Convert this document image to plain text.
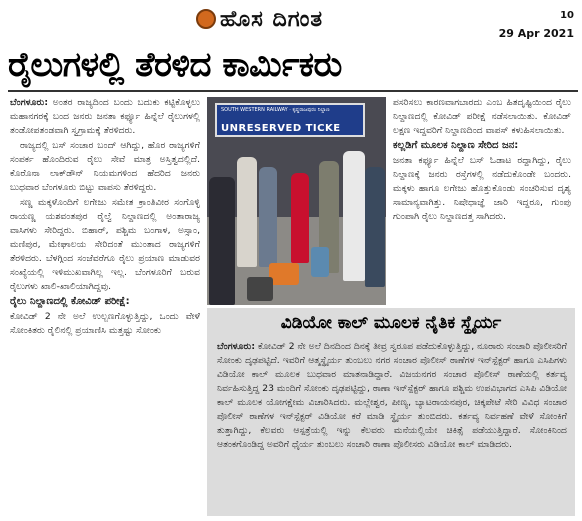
ಹೊಸ ದಿಗಂತ	10
29 Apr 2021
ರೈಲುಗಳಲ್ಲಿ ತೆರಳಿದ ಕಾರ್ಮಿಕರು

ಬೆಂಗಳೂರು: ಅಂತರ ರಾಜ್ಯದಿಂದ ಬಂದು ಬದುಕು ಕಟ್ಟಿಕೊಳ್ಳಲು ಮಹಾನಗರಕ್ಕೆ ಬಂದ ಜನರು ಜನತಾ ಕರ್ಫ್ಯೂ ಹಿನ್ನೆಲೆ ರೈಲುಗಳಲ್ಲಿ ತಂಡೋಪತಂಡವಾಗಿ ಸ್ವಗ್ರಾಮಕ್ಕೆ ತೆರಳಿದರು.

ರಾಜ್ಯದಲ್ಲಿ ಬಸ್ ಸಂಚಾರ ಬಂದ್ ಆಗಿದ್ದು, ಹೊರ ರಾಜ್ಯಗಳಿಗೆ ಸಂಪರ್ಕ ಹೊಂದಿರುವ ರೈಲು ಸೇವೆ ಮಾತ್ರ ಅಸ್ತಿತ್ವದಲ್ಲಿದೆ. ಕೊರೊನಾ ಲಾಕ್‌ಡೌನ್ ನಿಯಮಗಳಿಂದ ಹೆದರಿದ ಜನರು ಬುಧವಾರ ಬೆಂಗಳೂರು ಬಿಟ್ಟು ವಾಪಸು ತೆರಳಿದ್ದರು.

ಸಣ್ಣ ಮಕ್ಕಳೊಂದಿಗೆ ಲಗೇಜು ಸಮೇತ ಕ್ರಾಂತಿವೀರ ಸಂಗೊಳ್ಳಿ ರಾಯಣ್ಣ ಯಶವಂತಪುರ ರೈಲ್ವೆ ನಿಲ್ದಾಣದಲ್ಲಿ ಅಂತಾರಾಜ್ಯ ವಾಸಿಗಳು ಸೇರಿದ್ದರು. ಬಿಹಾರ್, ಪಶ್ಚಿಮ ಬಂಗಾಳ, ಅಸ್ಸಾಂ, ಮಣಿಪುರ, ಮೇಘಾಲಯ ಸೇರಿದಂತೆ ಮುಂತಾದ ರಾಜ್ಯಗಳಿಗೆ ತೆರಳಿದರು. ಬೆಳಗ್ಗಿಂದ ಸಂಜೆವರೆಗೂ ರೈಲು ಪ್ರಯಾಣ ಮಾಡುವರ ಸಂಖ್ಯೆಯಲ್ಲಿ ಇಳಿಮುಖವಾಗಿಲ್ಲ ಇಲ್ಲ. ಬೆಂಗಳೂರಿಗೆ ಬರುವ ರೈಲುಗಳು ಖಾಲಿ-ಖಾಲಿಯಾಗಿದ್ದವು.

ರೈಲು ನಿಲ್ದಾಣದಲ್ಲಿ ಕೋವಿಡ್ ಪರೀಕ್ಷೆ:

ಕೋವಿಡ್ 2 ನೇ ಅಲೆ ಉಲ್ಬಣಗೊಳ್ಳುತ್ತಿದ್ದು, ಒಂದು ವೇಳೆ ಸೋಂಕಿತರು ರೈಲಿನಲ್ಲಿ ಪ್ರಯಾಣಿಸಿ ಮತ್ತಷ್ಟು ಸೋಂಕು

SOUTH WESTERN RAILWAY · ಕೃಷ್ಣರಾಜಪುರಂ ನಿಲ್ದಾಣ
UNRESERVED TICKE

ಪಸರಿಸಲು ಕಾರಣವಾಗಬಾರದು ಎಂಬ ಹಿತದೃಷ್ಟಿಯಿಂದ ರೈಲು ನಿಲ್ದಾಣದಲ್ಲಿ ಕೋವಿಡ್ ಪರೀಕ್ಷೆ ನಡೆಸಲಾಯಿತು. ಕೋವಿಡ್ ಲಕ್ಷಣ ಇದ್ದವರಿಗೆ ನಿಲ್ದಾಣದಿಂದ ವಾಪಸ್ ಕಳುಹಿಸಲಾಯಿತು.

ಕಲ್ಲಡಿಗೆ ಮೂಲಕ ನಿಲ್ದಾಣ ಸೇರಿದ ಜನ:

ಜನತಾ ಕರ್ಫ್ಯೂ ಹಿನ್ನೆಲೆ ಬಸ್ ಓಡಾಟ ರದ್ದಾಗಿದ್ದು, ರೈಲು ನಿಲ್ದಾಣಕ್ಕೆ ಜನರು ರಸ್ತೆಗಳಲ್ಲಿ ನಡೆದುಕೊಂಡೇ ಬಂದರು. ಮಕ್ಕಳು ಹಾಗೂ ಲಗೇಜು ಹೊತ್ತುಕೊಂಡು ಸಂಚರಿಸುವ ದೃಶ್ಯ ಸಾಮಾನ್ಯವಾಗಿತ್ತು. ನಿಷೇಧಾಜ್ಞೆ ಜಾರಿ ಇದ್ದರೂ, ಗುಂಪು ಗುಂಪಾಗಿ ರೈಲು ನಿಲ್ದಾಣದತ್ತ ಸಾಗಿದರು.

ವಿಡಿಯೋ ಕಾಲ್ ಮೂಲಕ ನೈತಿಕ ಸ್ಥೈರ್ಯ
ಬೆಂಗಳೂರು: ಕೋವಿಡ್ 2 ನೇ ಅಲೆ ದಿನದಿಂದ ದಿನಕ್ಕೆ ತೀವ್ರ ಸ್ವರೂಪ ಪಡೆದುಕೊಳ್ಳುತ್ತಿದ್ದು, ನೂರಾರು ಸಂಚಾರಿ ಪೊಲೀಸರಿಗೆ ಸೋಂಕು ದೃಢಪಟ್ಟಿದೆ. ಇವರಿಗೆ ಆತ್ಮಸ್ಥೈರ್ಯ ತುಂಬಲು ನಗರ ಸಂಚಾರ ಪೊಲೀಸ್ ಠಾಣೆಗಳ ಇನ್‌ಸ್ಪೆಕ್ಟರ್ ಹಾಗೂ ಎಸಿಪಿಗಳು ವಿಡಿಯೋ ಕಾಲ್ ಮೂಲಕ ಬುಧವಾರ ಮಾತನಾಡಿದ್ದಾರೆ. ವಿಜಯನಗರ ಸಂಚಾರ ಪೊಲೀಸ್ ಠಾಣೆಯಲ್ಲಿ ಕರ್ತವ್ಯ ನಿರ್ವಹಿಸುತ್ತಿದ್ದ 23 ಮಂದಿಗೆ ಸೋಂಕು ದೃಢಪಟ್ಟಿದ್ದು, ಠಾಣಾ ಇನ್‌ಸ್ಪೆಕ್ಟರ್ ಹಾಗೂ ಪಶ್ಚಿಮ ಉಪವಿಭಾಗದ ಎಸಿಪಿ ವಿಡಿಯೋ ಕಾಲ್ ಮೂಲಕ ಯೋಗಕ್ಷೇಮ ವಿಚಾರಿಸಿದರು. ಮಲ್ಲೇಶ್ವರ, ಪೀಣ್ಯ, ಬ್ಯಾಟರಾಯನಪುರ, ಚಿಕ್ಕಪೇಟೆ ಸೇರಿ ವಿವಿಧ ಸಂಚಾರ ಪೊಲೀಸ್ ಠಾಣೆಗಳ ಇನ್‌ಸ್ಪೆಕ್ಟರ್ ವಿಡಿಯೋ ಕರೆ ಮಾಡಿ ಸ್ಥೈರ್ಯ ತುಂಬಿದರು. ಕರ್ತವ್ಯ ನಿರ್ವಹಣೆ ವೇಳೆ ಸೋಂಕಿಗೆ ತುತ್ತಾಗಿದ್ದು, ಕೆಲವರು ಆಸ್ಪತ್ರೆಯಲ್ಲಿ ಇನ್ನು ಕೆಲವರು ಮನೆಯಲ್ಲಿಯೇ ಚಿಕಿತ್ಸೆ ಪಡೆಯುತ್ತಿದ್ದಾರೆ. ಸೋಂಕಿನಿಂದ ಆತಂಕಗೊಂಡಿದ್ದ ಅವರಿಗೆ ಧೈರ್ಯ ತುಂಬಲು ಸಂಚಾರಿ ಠಾಣಾ ಪೊಲೀಸರು ವಿಡಿಯೋ ಕಾಲ್ ಮಾಡಿದರು.
